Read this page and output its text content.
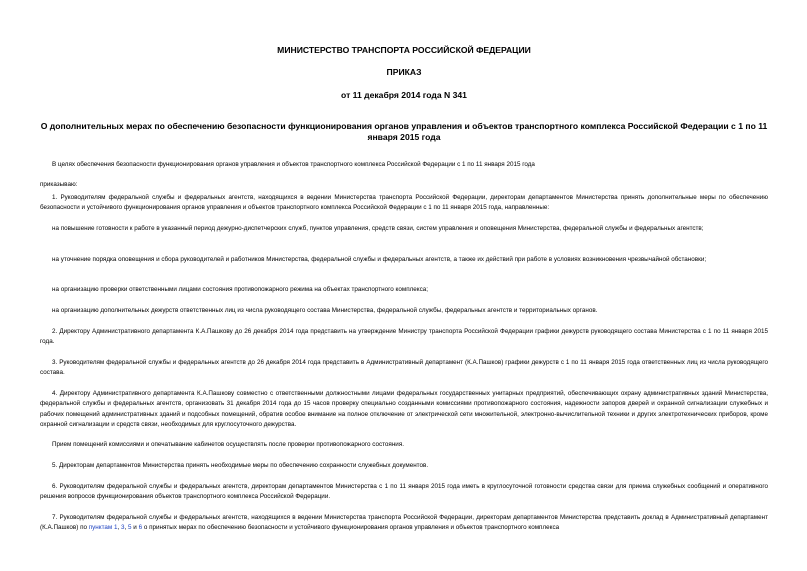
МИНИСТЕРСТВО ТРАНСПОРТА РОССИЙСКОЙ ФЕДЕРАЦИИ

ПРИКАЗ

от 11 декабря 2014 года N 341

О дополнительных мерах по обеспечению безопасности функционирования органов управления и объектов транспортного комплекса Российской Федерации с 1 по 11 января 2015 года

В целях обеспечения безопасности функционирования органов управления и объектов транспортного комплекса Российской Федерации с 1 по 11 января 2015 года

приказываю:

1. Руководителям федеральной службы и федеральных агентств, находящихся в ведении Министерства транспорта Российской Федерации, директорам департаментов Министерства принять дополнительные меры по обеспечению безопасности и устойчивого функционирования органов управления и объектов транспортного комплекса Российской Федерации с 1 по 11 января 2015 года, направленные:

на повышение готовности к работе в указанный период дежурно-диспетчерских служб, пунктов управления, средств связи, систем управления и оповещения Министерства, федеральной службы и федеральных агентств;

на уточнение порядка оповещения и сбора руководителей и работников Министерства, федеральной службы и федеральных агентств, а также их действий при работе в условиях возникновения чрезвычайной обстановки;

на организацию проверки ответственными лицами состояния противопожарного режима на объектах транспортного комплекса;

на организацию дополнительных дежурств ответственных лиц из числа руководящего состава Министерства, федеральной службы, федеральных агентств и территориальных органов.

2. Директору Административного департамента К.А.Пашкову до 26 декабря 2014 года представить на утверждение Министру транспорта Российской Федерации графики дежурств руководящего состава Министерства с 1 по 11 января 2015 года.

3. Руководителям федеральной службы и федеральных агентств до 26 декабря 2014 года представить в Административный департамент (К.А.Пашков) графики дежурств с 1 по 11 января 2015 года ответственных лиц из числа руководящего состава.

4. Директору Административного департамента К.А.Пашкову совместно с ответственными должностными лицами федеральных государственных унитарных предприятий, обеспечивающих охрану административных зданий Министерства, федеральной службы и федеральных агентств, организовать 31 декабря 2014 года до 15 часов проверку специально созданными комиссиями противопожарного состояния, надежности запоров дверей и охранной сигнализации служебных и рабочих помещений административных зданий и подсобных помещений, обратив особое внимание на полное отключение от электрической сети множительной, электронно-вычислительной техники и других электротехнических приборов, кроме охранной сигнализации и средств связи, необходимых для круглосуточного дежурства.

Прием помещений комиссиями и опечатывание кабинетов осуществлять после проверки противопожарного состояния.

5. Директорам департаментов Министерства принять необходимые меры по обеспечению сохранности служебных документов.

6. Руководителям федеральной службы и федеральных агентств, директорам департаментов Министерства с 1 по 11 января 2015 года иметь в круглосуточной готовности средства связи для приема служебных сообщений и оперативного решения вопросов функционирования объектов транспортного комплекса Российской Федерации.

7. Руководителям федеральной службы и федеральных агентств, находящихся в ведении Министерства транспорта Российской Федерации, директорам департаментов Министерства представить доклад в Административный департамент (К.А.Пашков) по пунктам 1, 3, 5 и 6 о принятых мерах по обеспечению безопасности и устойчивого функционирования органов управления и объектов транспортного комплекса
